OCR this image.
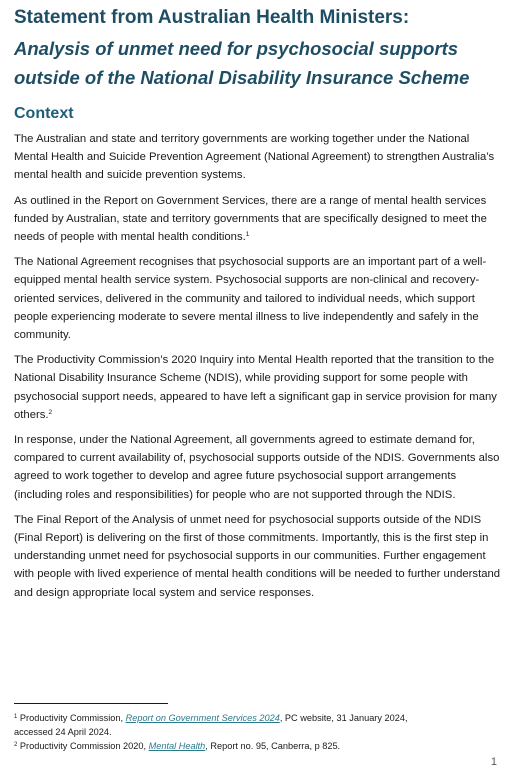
Statement from Australian Health Ministers:
Analysis of unmet need for psychosocial supports
outside of the National Disability Insurance Scheme
Context

The Australian and state and territory governments are working together under the National Mental Health and Suicide Prevention Agreement (National Agreement) to strengthen Australia’s mental health and suicide prevention systems.

As outlined in the Report on Government Services, there are a range of mental health services funded by Australian, state and territory governments that are specifically designed to meet the needs of people with mental health conditions.$^1$

The National Agreement recognises that psychosocial supports are an important part of a well-equipped mental health service system. Psychosocial supports are non-clinical and recovery-oriented services, delivered in the community and tailored to individual needs, which support people experiencing moderate to severe mental illness to live independently and safely in the community.

The Productivity Commission’s 2020 Inquiry into Mental Health reported that the transition to the National Disability Insurance Scheme (NDIS), while providing support for some people with psychosocial support needs, appeared to have left a significant gap in service provision for many others.$^2$

In response, under the National Agreement, all governments agreed to estimate demand for, compared to current availability of, psychosocial supports outside of the NDIS. Governments also agreed to work together to develop and agree future psychosocial support arrangements (including roles and responsibilities) for people who are not supported through the NDIS.

The Final Report of the Analysis of unmet need for psychosocial supports outside of the NDIS (Final Report) is delivering on the first of those commitments. Importantly, this is the first step in understanding unmet need for psychosocial supports in our communities. Further engagement with people with lived experience of mental health conditions will be needed to further understand and design appropriate local system and service responses.

$^1$ Productivity Commission, Report on Government Services 2024, PC website, 31 January 2024,
accessed 24 April 2024.

$^2$ Productivity Commission 2020, Mental Health, Report no. 95, Canberra, p 825.

1
